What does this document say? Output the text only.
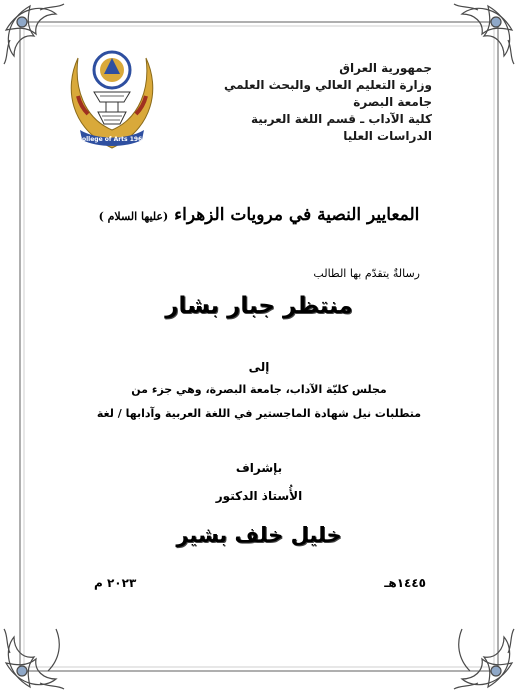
College of Arts 1964
جمهورية العراق
وزارة التعليم العالي والبحث العلمي
جامعة البصرة
كلية الآداب ـ قسم اللغة العربية
الدراسات العليا
المعايير النصية في مرويات الزهراء (عليها السلام )
رسالةٌ يتقدّم بها الطالب
منتظر جبار بشار
إلى
مجلس كليّة الآداب، جامعة البصرة، وهي جزء من
متطلبات نيل شهادة الماجستير في اللغة العربية وآدابها / لغة
بإشراف
الأُستاذ الدكتور
خليل خلف بشير
١٤٤٥هـ
٢٠٢٣ م
